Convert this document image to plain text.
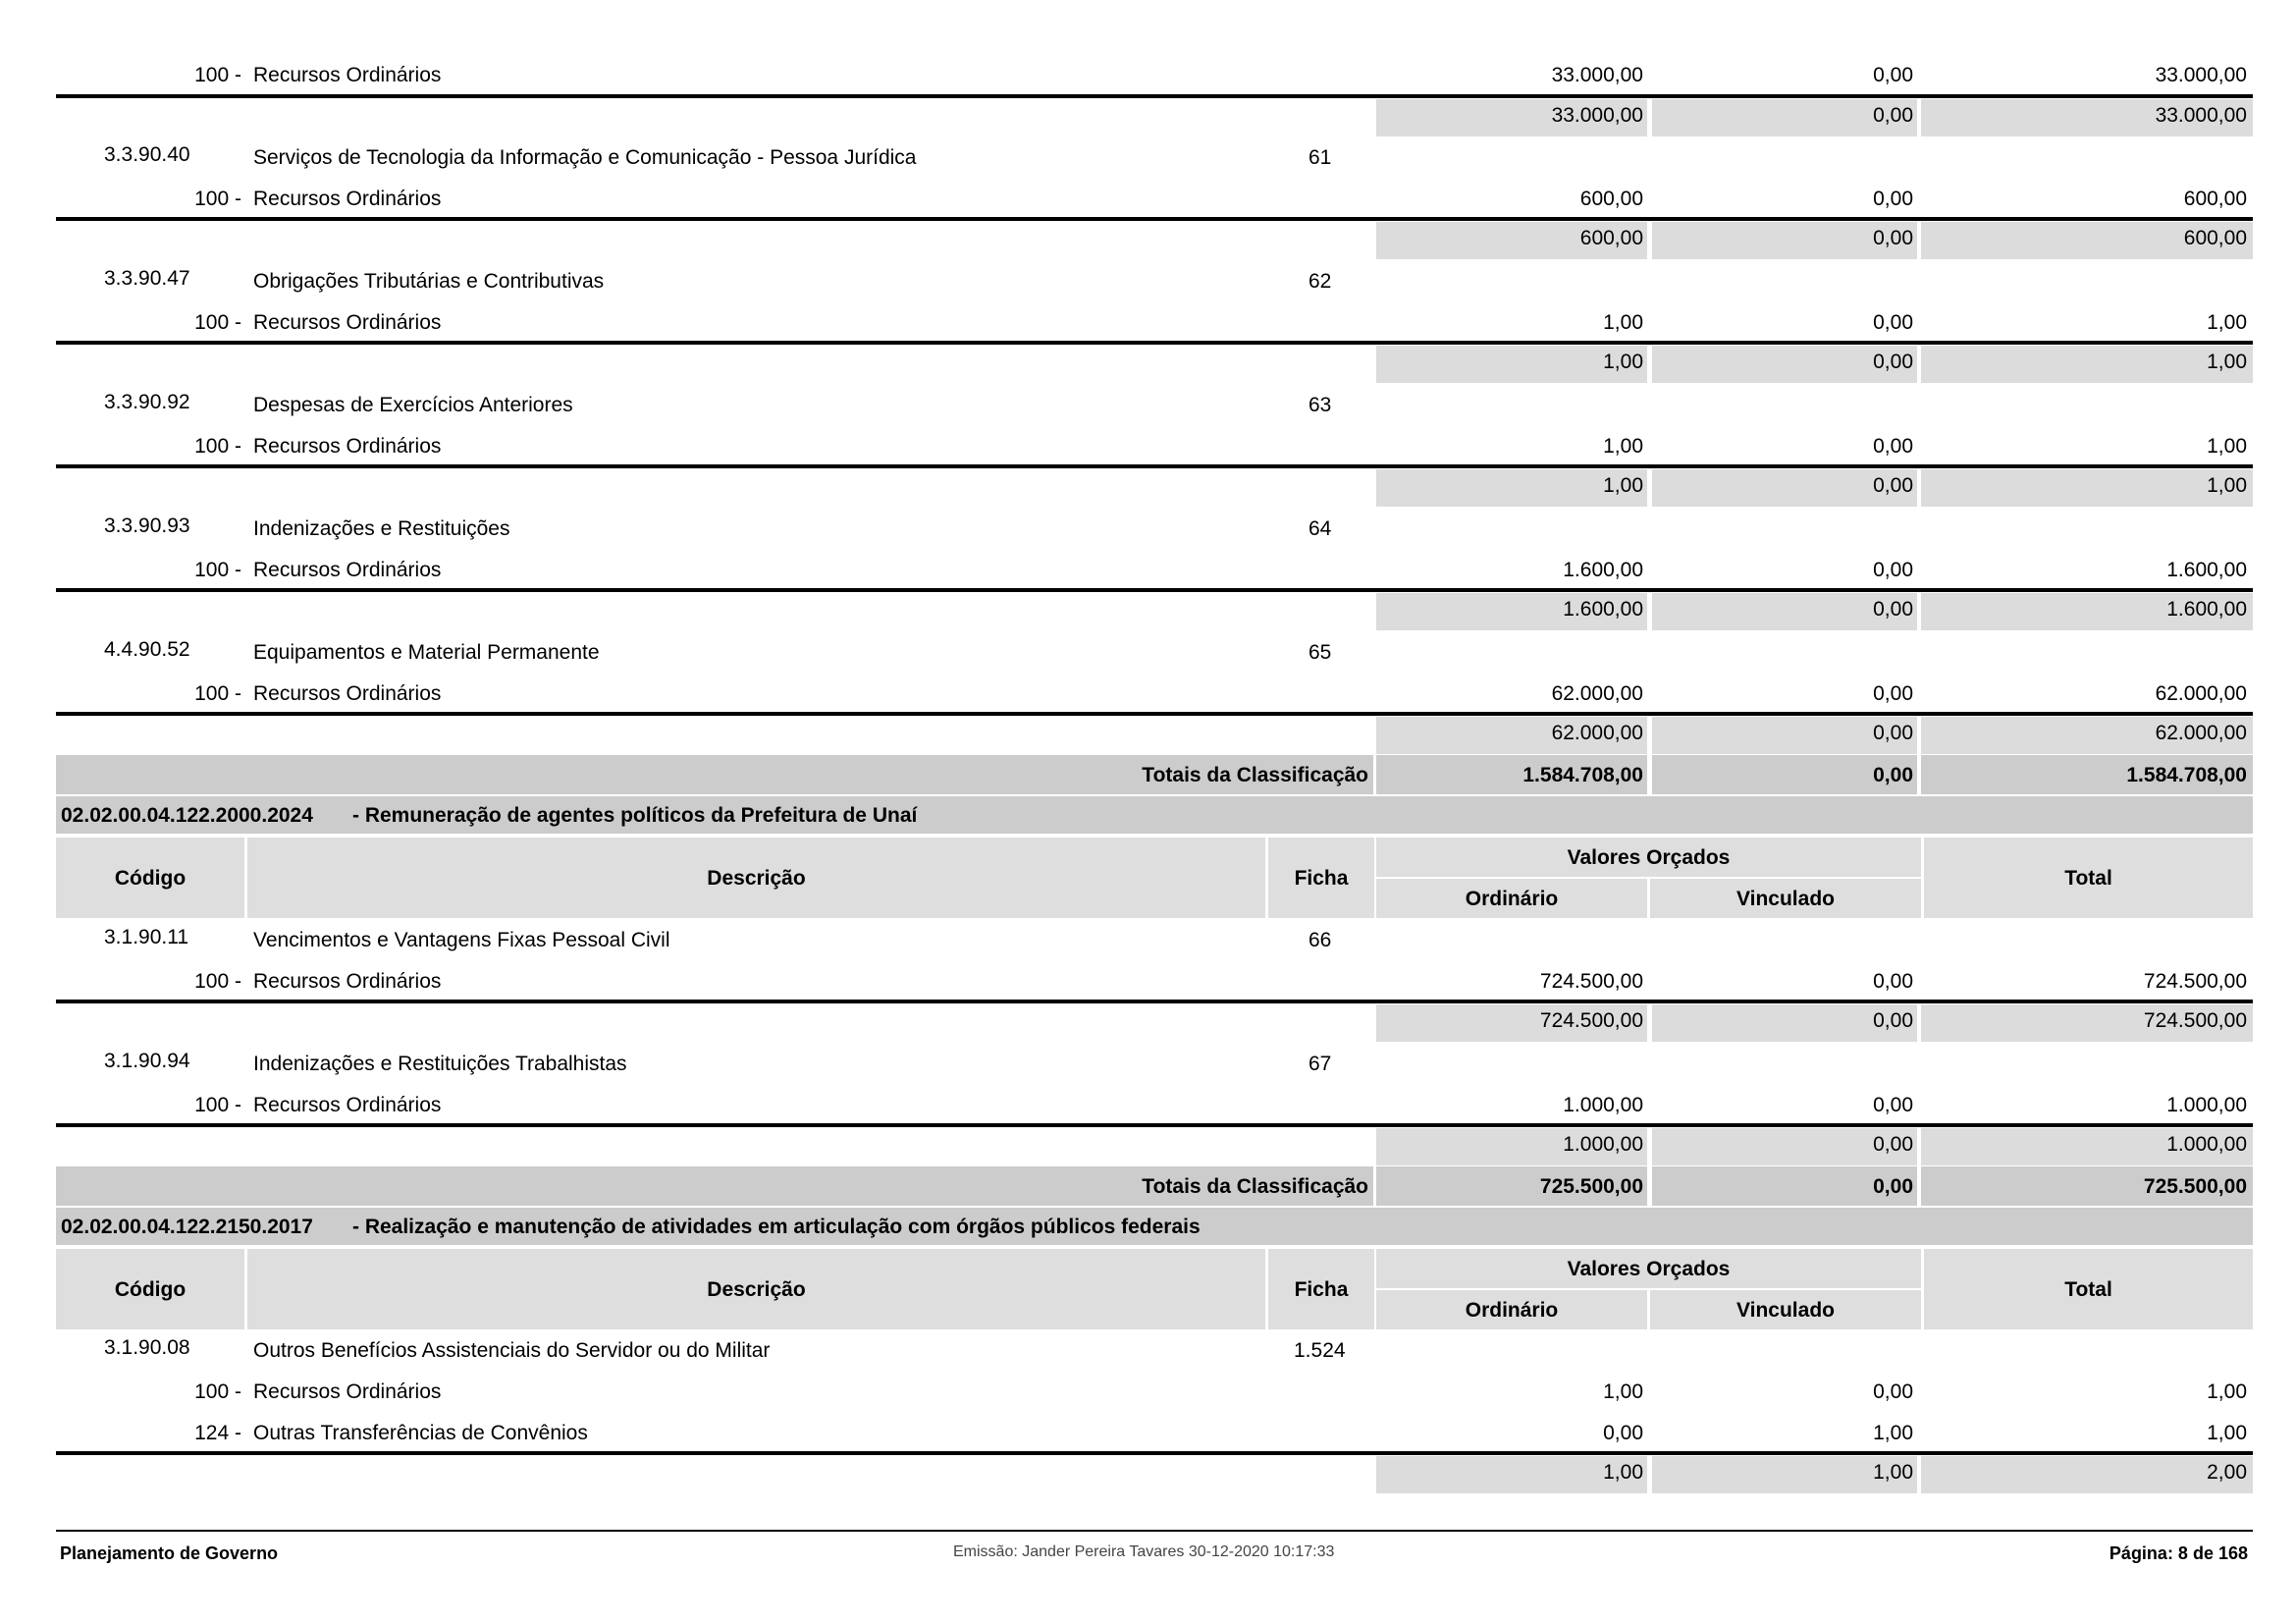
100 - Recursos Ordinários	33.000,00	0,00	33.000,00
33.000,00	0,00	33.000,00
3.3.90.40	Serviços de Tecnologia da Informação e Comunicação - Pessoa Jurídica	61
100 - Recursos Ordinários	600,00	0,00	600,00
600,00	0,00	600,00
3.3.90.47	Obrigações Tributárias e Contributivas	62
100 - Recursos Ordinários	1,00	0,00	1,00
1,00	0,00	1,00
3.3.90.92	Despesas de Exercícios Anteriores	63
100 - Recursos Ordinários	1,00	0,00	1,00
1,00	0,00	1,00
3.3.90.93	Indenizações e Restituições	64
100 - Recursos Ordinários	1.600,00	0,00	1.600,00
1.600,00	0,00	1.600,00
4.4.90.52	Equipamentos e Material Permanente	65
100 - Recursos Ordinários	62.000,00	0,00	62.000,00
62.000,00	0,00	62.000,00
Totais da Classificação	1.584.708,00	0,00	1.584.708,00
02.02.00.04.122.2000.2024 - Remuneração de agentes políticos da Prefeitura de Unaí
Código	Descrição	Ficha
Valores Orçados
Ordinário	Vinculado
Total
3.1.90.11	Vencimentos e Vantagens Fixas Pessoal Civil	66
100 - Recursos Ordinários	724.500,00	0,00	724.500,00
724.500,00	0,00	724.500,00
3.1.90.94	Indenizações e Restituições Trabalhistas	67
100 - Recursos Ordinários	1.000,00	0,00	1.000,00
1.000,00	0,00	1.000,00
Totais da Classificação	725.500,00	0,00	725.500,00
02.02.00.04.122.2150.2017 - Realização e manutenção de atividades em articulação com órgãos públicos federais
Código	Descrição	Ficha
Valores Orçados
Ordinário	Vinculado
Total
3.1.90.08	Outros Benefícios Assistenciais do Servidor ou do Militar	1.524
100 - Recursos Ordinários	1,00	0,00	1,00
124 - Outras Transferências de Convênios	0,00	1,00	1,00
1,00	1,00	2,00
Planejamento de Governo	Emissão: Jander Pereira Tavares 30-12-2020 10:17:33	Página: 8 de 168
